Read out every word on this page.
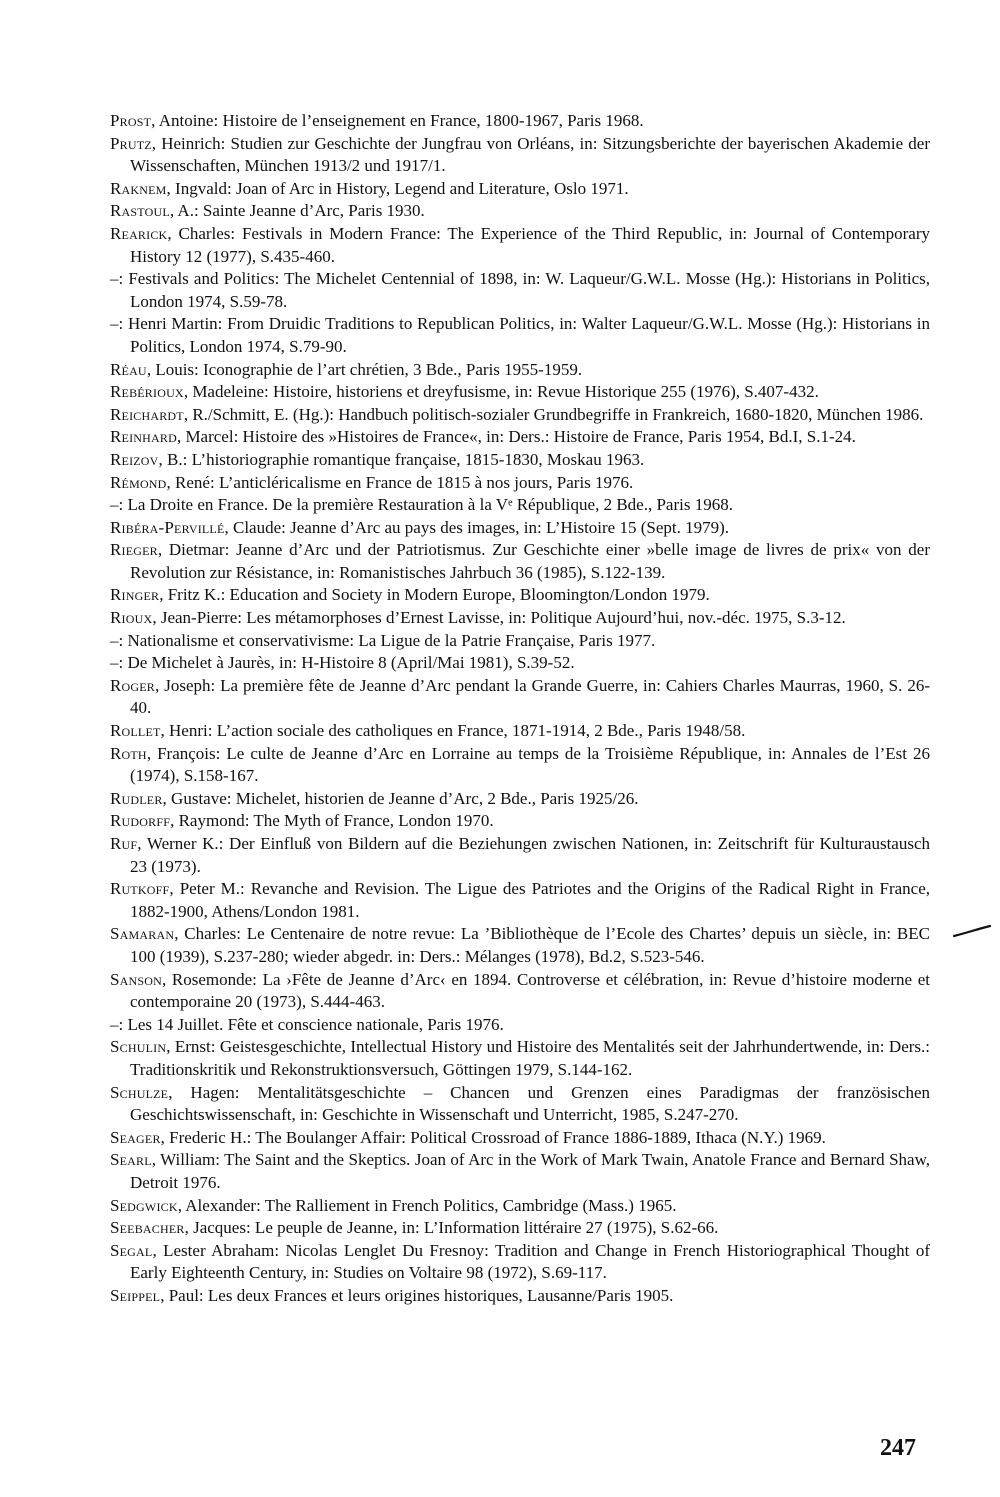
Prost, Antoine: Histoire de l’enseignement en France, 1800-1967, Paris 1968.

Prutz, Heinrich: Studien zur Geschichte der Jungfrau von Orléans, in: Sitzungsberichte der bayerischen Akademie der Wissenschaften, München 1913/2 und 1917/1.

Raknem, Ingvald: Joan of Arc in History, Legend and Literature, Oslo 1971.

Rastoul, A.: Sainte Jeanne d’Arc, Paris 1930.

Rearick, Charles: Festivals in Modern France: The Experience of the Third Republic, in: Journal of Contemporary History 12 (1977), S.435-460.

–: Festivals and Politics: The Michelet Centennial of 1898, in: W. Laqueur/G.W.L. Mosse (Hg.): Historians in Politics, London 1974, S.59-78.

–: Henri Martin: From Druidic Traditions to Republican Politics, in: Walter Laqueur/G.W.L. Mosse (Hg.): Historians in Politics, London 1974, S.79-90.

Réau, Louis: Iconographie de l’art chrétien, 3 Bde., Paris 1955-1959.

Rebérioux, Madeleine: Histoire, historiens et dreyfusisme, in: Revue Historique 255 (1976), S.407-432.

Reichardt, R./Schmitt, E. (Hg.): Handbuch politisch-sozialer Grundbegriffe in Frankreich, 1680-1820, München 1986.

Reinhard, Marcel: Histoire des »Histoires de France«, in: Ders.: Histoire de France, Paris 1954, Bd.I, S.1-24.

Reizov, B.: L’historiographie romantique française, 1815-1830, Moskau 1963.

Rémond, René: L’anticléricalisme en France de 1815 à nos jours, Paris 1976.

–: La Droite en France. De la première Restauration à la Vᵉ République, 2 Bde., Paris 1968.

Ribéra-Pervillé, Claude: Jeanne d’Arc au pays des images, in: L’Histoire 15 (Sept. 1979).

Rieger, Dietmar: Jeanne d’Arc und der Patriotismus. Zur Geschichte einer »belle image de livres de prix« von der Revolution zur Résistance, in: Romanistisches Jahrbuch 36 (1985), S.122-139.

Ringer, Fritz K.: Education and Society in Modern Europe, Bloomington/London 1979.

Rioux, Jean-Pierre: Les métamorphoses d’Ernest Lavisse, in: Politique Aujourd’hui, nov.-déc. 1975, S.3-12.

–: Nationalisme et conservativisme: La Ligue de la Patrie Française, Paris 1977.

–: De Michelet à Jaurès, in: H-Histoire 8 (April/Mai 1981), S.39-52.

Roger, Joseph: La première fête de Jeanne d’Arc pendant la Grande Guerre, in: Cahiers Charles Maurras, 1960, S. 26-40.

Rollet, Henri: L’action sociale des catholiques en France, 1871-1914, 2 Bde., Paris 1948/58.

Roth, François: Le culte de Jeanne d’Arc en Lorraine au temps de la Troisième République, in: Annales de l’Est 26 (1974), S.158-167.

Rudler, Gustave: Michelet, historien de Jeanne d’Arc, 2 Bde., Paris 1925/26.

Rudorff, Raymond: The Myth of France, London 1970.

Ruf, Werner K.: Der Einfluß von Bildern auf die Beziehungen zwischen Nationen, in: Zeitschrift für Kulturaustausch 23 (1973).

Rutkoff, Peter M.: Revanche and Revision. The Ligue des Patriotes and the Origins of the Radical Right in France, 1882-1900, Athens/London 1981.

Samaran, Charles: Le Centenaire de notre revue: La ’Bibliothèque de l’Ecole des Chartes’ depuis un siècle, in: BEC 100 (1939), S.237-280; wieder abgedr. in: Ders.: Mélanges (1978), Bd.2, S.523-546.

Sanson, Rosemonde: La ›Fête de Jeanne d’Arc‹ en 1894. Controverse et célébration, in: Revue d’histoire moderne et contemporaine 20 (1973), S.444-463.

–: Les 14 Juillet. Fête et conscience nationale, Paris 1976.

Schulin, Ernst: Geistesgeschichte, Intellectual History und Histoire des Mentalités seit der Jahrhundertwende, in: Ders.: Traditionskritik und Rekonstruktionsversuch, Göttingen 1979, S.144-162.

Schulze, Hagen: Mentalitätsgeschichte – Chancen und Grenzen eines Paradigmas der französischen Geschichtswissenschaft, in: Geschichte in Wissenschaft und Unterricht, 1985, S.247-270.

Seager, Frederic H.: The Boulanger Affair: Political Crossroad of France 1886-1889, Ithaca (N.Y.) 1969.

Searl, William: The Saint and the Skeptics. Joan of Arc in the Work of Mark Twain, Anatole France and Bernard Shaw, Detroit 1976.

Sedgwick, Alexander: The Ralliement in French Politics, Cambridge (Mass.) 1965.

Seebacher, Jacques: Le peuple de Jeanne, in: L’Information littéraire 27 (1975), S.62-66.

Segal, Lester Abraham: Nicolas Lenglet Du Fresnoy: Tradition and Change in French Historiographical Thought of Early Eighteenth Century, in: Studies on Voltaire 98 (1972), S.69-117.

Seippel, Paul: Les deux Frances et leurs origines historiques, Lausanne/Paris 1905.

247
